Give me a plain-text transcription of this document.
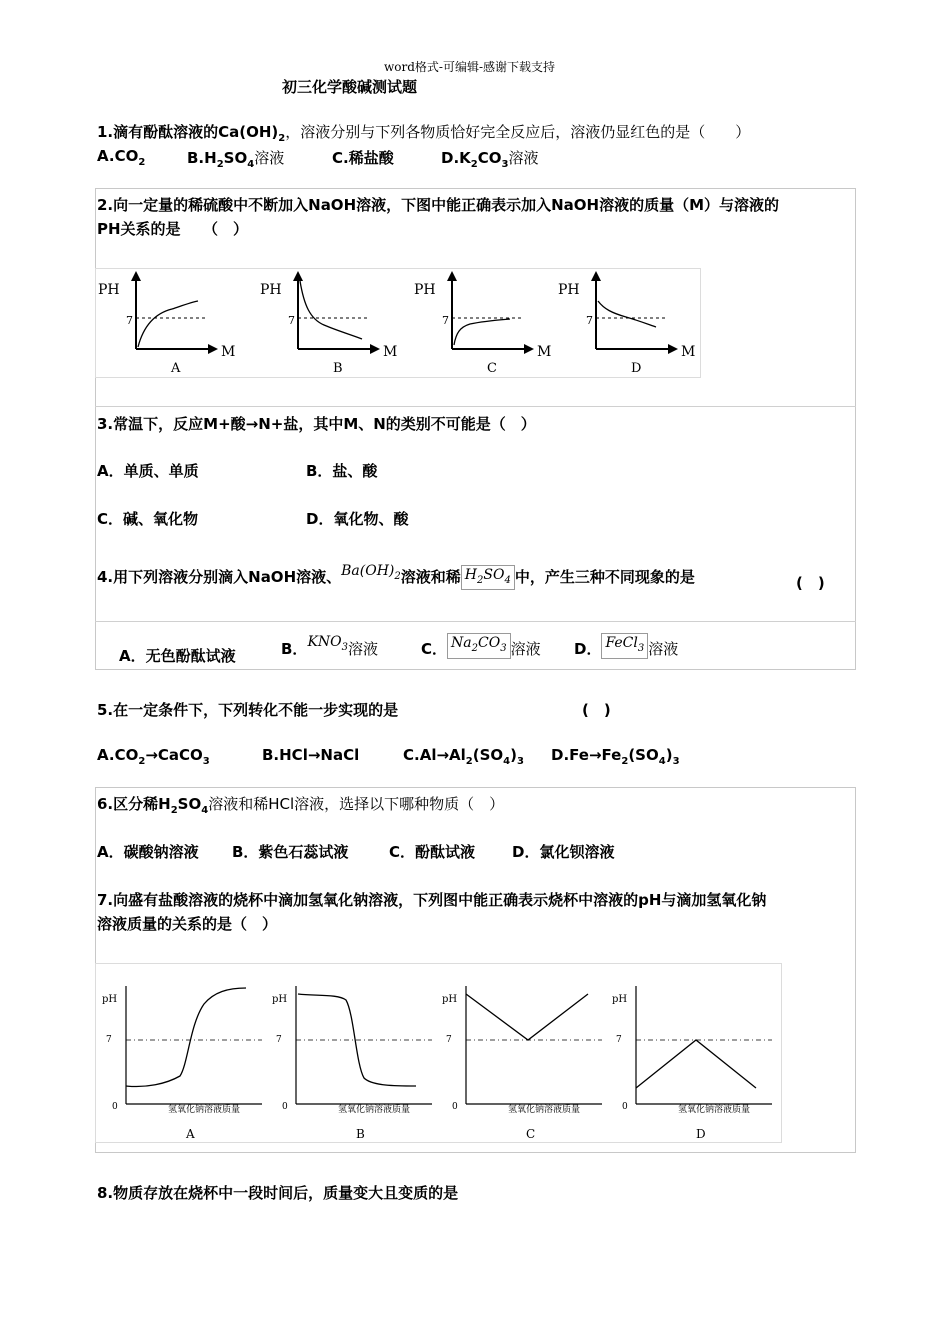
word格式-可编辑-感谢下载支持
初三化学酸碱测试题
1.滴有酚酞溶液的$Ca(OH)_2$，溶液分别与下列各物质恰好完全反应后，溶液仍显红色的是（　　）
$A.CO_2$	$B.H_2SO_4$溶液	C.稀盐酸	$D.K_2CO_3$溶液
2.向一定量的稀硫酸中不断加入NaOH溶液，下图中能正确表示加入NaOH溶液的质量（M）与溶液的
PH关系的是　　（　）
PH
7
M
A
PH
7
M
B
PH
7
M
C
PH
7
M
D
3.常温下，反应M+酸→N+盐，其中M、N的类别不可能是（　）
A．单质、单质	B．盐、酸
C．碱、氧化物	D．氧化物、酸
4.用下列溶液分别滴入NaOH溶液、$Ba(OH)_2$溶液和稀 $H_2SO_4$ 中，产生三种不同现象的是	(　)
A．无色酚酞试液	B．$KNO_3$溶液	C． $Na_2CO_3$ 溶液 D． FeCl$_3$ 溶液
5.在一定条件下，下列转化不能一步实现的是	(　)
$A.CO_2\to CaCO_3$	B.HCl→NaCl	$C.Al\to Al_2(SO_4)_3$ $D.Fe\to Fe_2(SO_4)_3$
6.区分稀$H_2SO_4$溶液和稀HCl溶液，选择以下哪种物质（　）
A．碳酸钠溶液 B．紫色石蕊试液	C．酚酞试液 D．氯化钡溶液
7.向盛有盐酸溶液的烧杯中滴加氢氧化钠溶液，下列图中能正确表示烧杯中溶液的pH与滴加氢氧化钠
溶液质量的关系的是（　）
pH
7
0	氢氧化钠溶液质量
A
pH
7
0	氢氧化钠溶液质量
B
pH
7
0	氢氧化钠溶液质量
C
pH
7
0	氢氧化钠溶液质量
D
8.物质存放在烧杯中一段时间后，质量变大且变质的是
